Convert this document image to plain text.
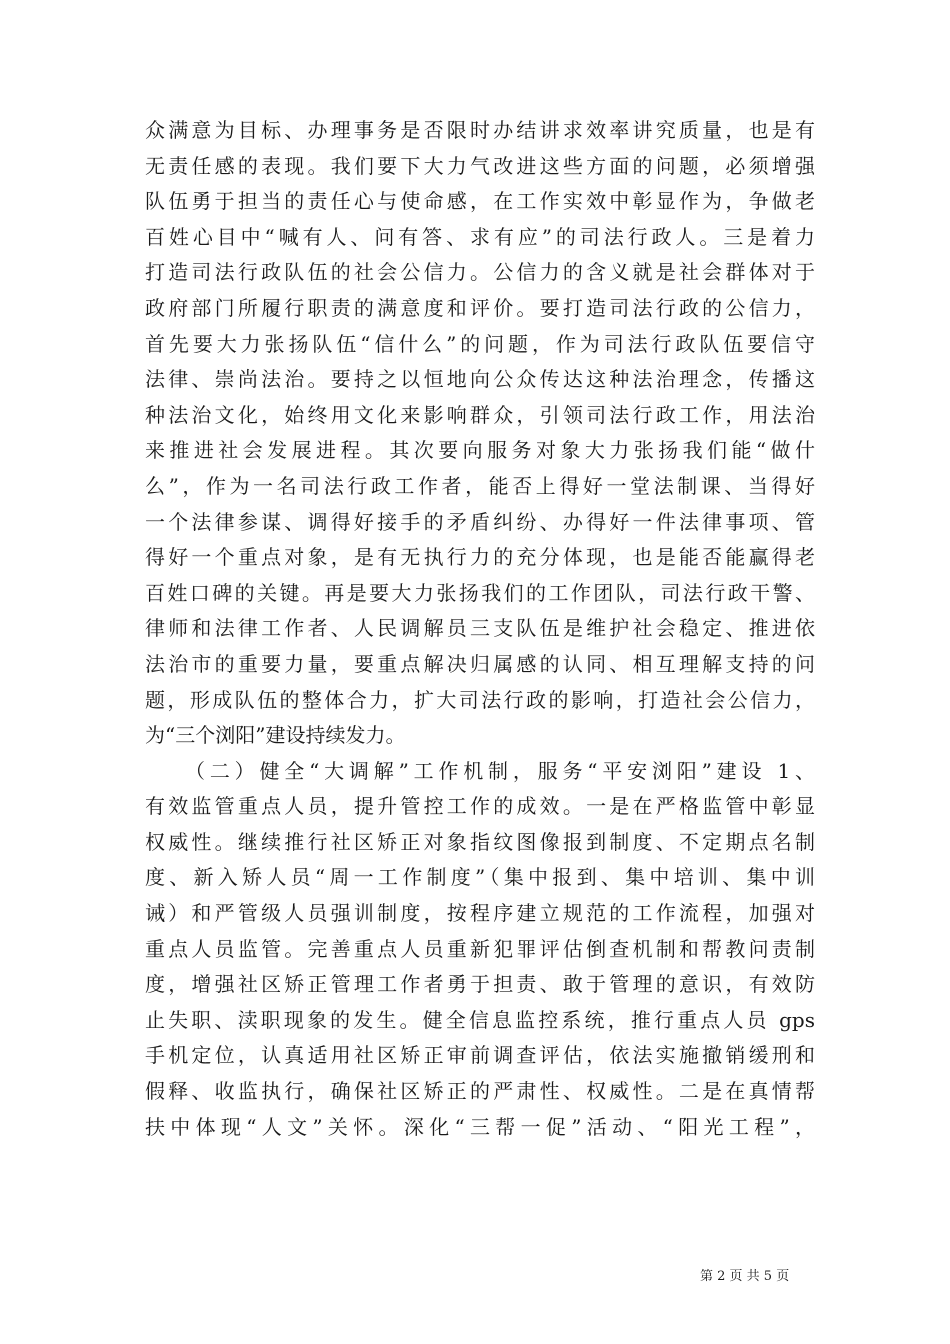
众满意为目标、办理事务是否限时办结讲求效率讲究质量，也是有
无责任感的表现。我们要下大力气改进这些方面的问题，必须增强
队伍勇于担当的责任心与使命感，在工作实效中彰显作为，争做老
百姓心目中“喊有人、问有答、求有应”的司法行政人。三是着力
打造司法行政队伍的社会公信力。公信力的含义就是社会群体对于
政府部门所履行职责的满意度和评价。要打造司法行政的公信力，
首先要大力张扬队伍“信什么”的问题，作为司法行政队伍要信守
法律、崇尚法治。要持之以恒地向公众传达这种法治理念，传播这
种法治文化，始终用文化来影响群众，引领司法行政工作，用法治
来推进社会发展进程。其次要向服务对象大力张扬我们能“做什
么”，作为一名司法行政工作者，能否上得好一堂法制课、当得好
一个法律参谋、调得好接手的矛盾纠纷、办得好一件法律事项、管
得好一个重点对象，是有无执行力的充分体现，也是能否能赢得老
百姓口碑的关键。再是要大力张扬我们的工作团队，司法行政干警、
律师和法律工作者、人民调解员三支队伍是维护社会稳定、推进依
法治市的重要力量，要重点解决归属感的认同、相互理解支持的问
题，形成队伍的整体合力，扩大司法行政的影响，打造社会公信力，
为“三个浏阳”建设持续发力。
（二）健全“大调解”工作机制，服务“平安浏阳”建设 1、
有效监管重点人员，提升管控工作的成效。一是在严格监管中彰显
权威性。继续推行社区矫正对象指纹图像报到制度、不定期点名制
度、新入矫人员“周一工作制度”（集中报到、集中培训、集中训
诫）和严管级人员强训制度，按程序建立规范的工作流程，加强对
重点人员监管。完善重点人员重新犯罪评估倒查机制和帮教问责制
度，增强社区矫正管理工作者勇于担责、敢于管理的意识，有效防
止失职、渎职现象的发生。健全信息监控系统，推行重点人员 gps
手机定位，认真适用社区矫正审前调查评估，依法实施撤销缓刑和
假释、收监执行，确保社区矫正的严肃性、权威性。二是在真情帮
扶中体现“人文”关怀。深化“三帮一促”活动、“阳光工程”，
第 2 页 共 5 页
